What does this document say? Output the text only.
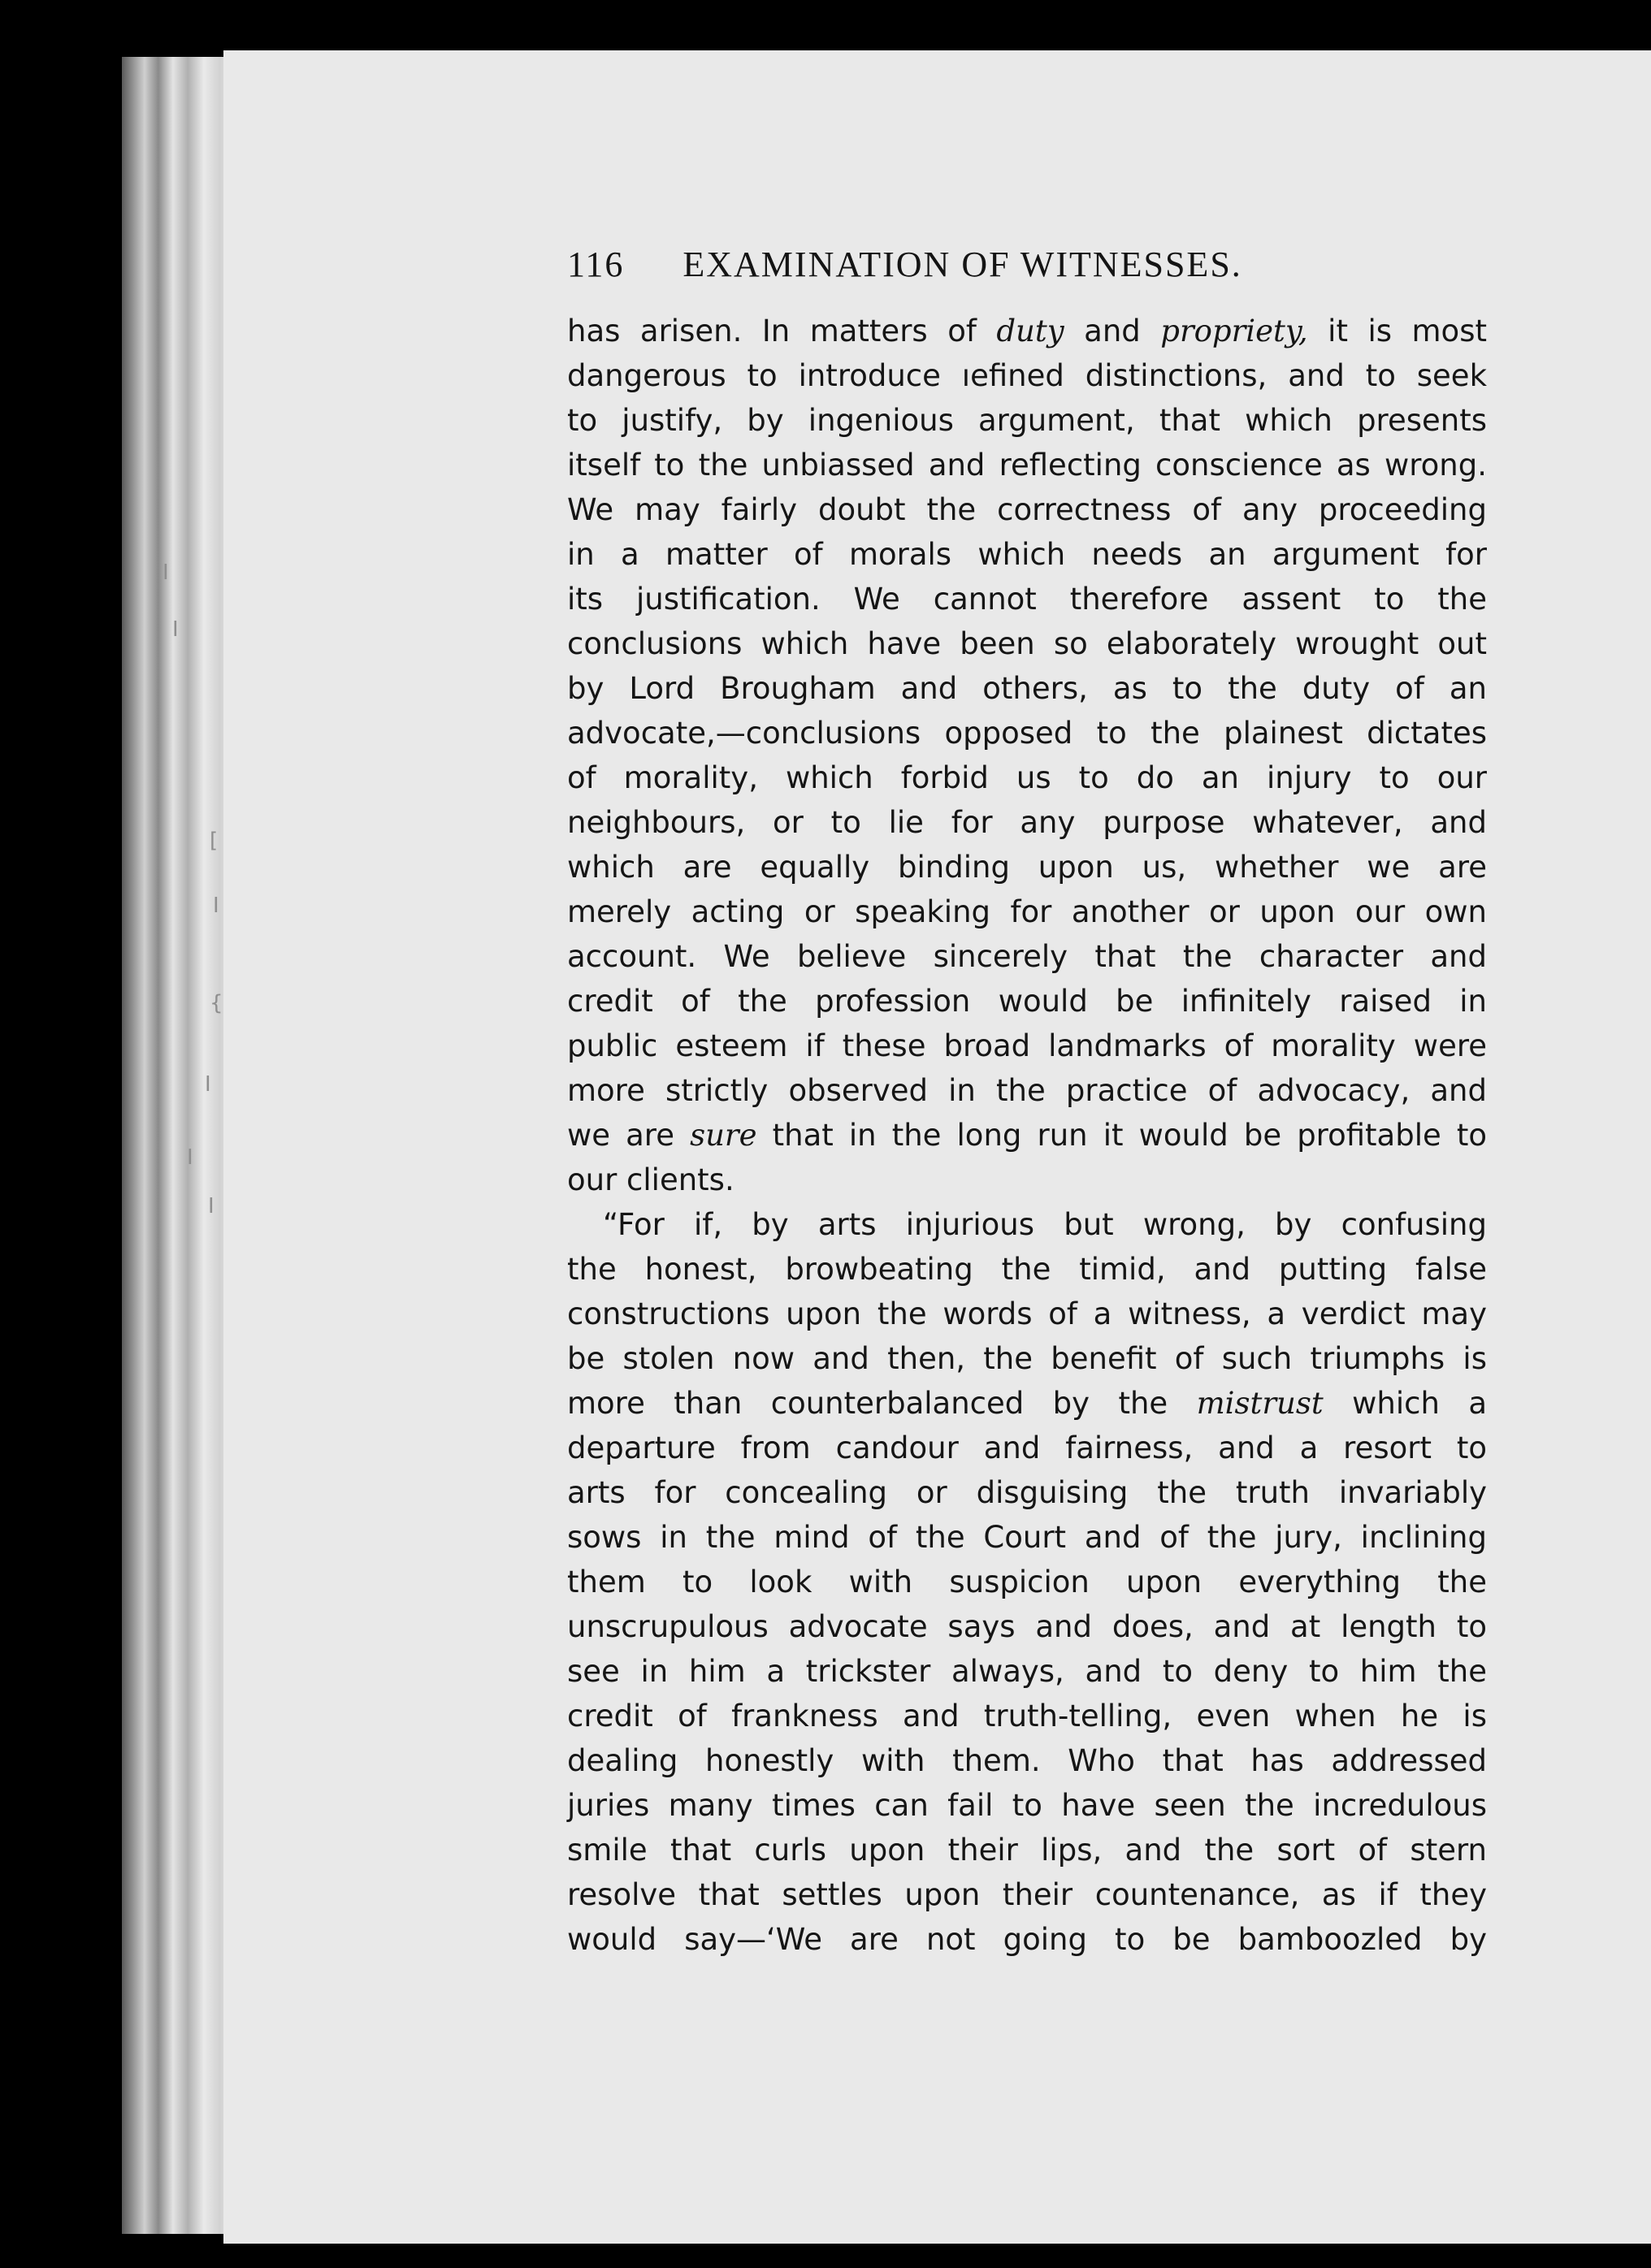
I
I
[
I
{
I
I
I
116 EXAMINATION OF WITNESSES.
has arisen. In matters of duty and propriety, it is most
dangerous to introduce ıefined distinctions, and to seek
to justify, by ingenious argument, that which presents
itself to the unbiassed and reflecting conscience as wrong.
We may fairly doubt the correctness of any proceeding
in a matter of morals which needs an argument for
its justification. We cannot therefore assent to the
conclusions which have been so elaborately wrought out
by Lord Brougham and others, as to the duty of an
advocate,—conclusions opposed to the plainest dictates
of morality, which forbid us to do an injury to our
neighbours, or to lie for any purpose whatever, and
which are equally binding upon us, whether we are
merely acting or speaking for another or upon our own
account. We believe sincerely that the character and
credit of the profession would be infinitely raised in
public esteem if these broad landmarks of morality were
more strictly observed in the practice of advocacy, and
we are sure that in the long run it would be profitable to
our clients.
“For if, by arts injurious but wrong, by confusing
the honest, browbeating the timid, and putting false
constructions upon the words of a witness, a verdict may
be stolen now and then, the benefit of such triumphs is
more than counterbalanced by the mistrust which a
departure from candour and fairness, and a resort to
arts for concealing or disguising the truth invariably
sows in the mind of the Court and of the jury, inclining
them to look with suspicion upon everything the
unscrupulous advocate says and does, and at length to
see in him a trickster always, and to deny to him the
credit of frankness and truth-telling, even when he is
dealing honestly with them. Who that has addressed
juries many times can fail to have seen the incredulous
smile that curls upon their lips, and the sort of stern
resolve that settles upon their countenance, as if they
would say—‘We are not going to be bamboozled by
